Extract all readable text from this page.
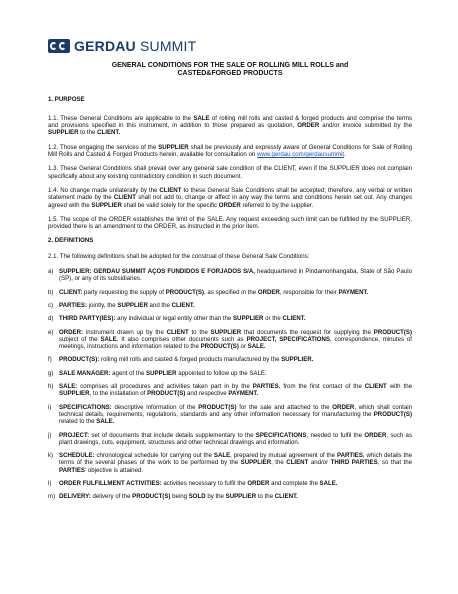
GERDAU SUMMIT
GENERAL CONDITIONS FOR THE SALE OF ROLLING MILL ROLLS and
CASTED&FORGED PRODUCTS
1. PURPOSE

1.1. These General Conditions are applicable to the SALE of rolling mill rolls and casted & forged products and comprise the terms and provisions specified in this instrument, in addition to those prepared as quotation, ORDER and/or invoice submitted by the SUPPLIER to the CLIENT.

1.2. Those engaging the services of the SUPPLIER shall be previously and expressly aware of General Conditions for Sale of Rolling Mill Rolls and Casted & Forged Products herein, available for consultation on www.gerdau.com/gerdausummit.

1.3. These General Conditions shall prevail over any general sale condition of the CLIENT, even if the SUPPLIER does not complain specifically about any existing contradictory condition in such document.

1.4. No change made unilaterally by the CLIENT to these General Sale Conditions shall be accepted; therefore, any verbal or written statement made by the CLIENT shall not add to, change or affect in any way the terms and conditions herein set out. Any changes agreed with the SUPPLIER shall be valid solely for the specific ORDER referred to by the supplier.

1.5. The scope of the ORDER establishes the limit of the SALE. Any request exceeding such limit can be fulfilled by the SUPPLIER, provided there is an amendment to the ORDER, as instructed in the prior item.

2. DEFINITIONS

2.1. The following definitions shall be adopted for the construal of these General Sale Conditions:

a) SUPPLIER: GERDAU SUMMIT AÇOS FUNDIDOS E FORJADOS S/A, headquartered in Pindamonhangaba, State of São Paulo (SP), or any of its subsidiaries.
b) CLIENT: party requesting the supply of PRODUCT(S), as specified in the ORDER, responsible for their PAYMENT.
c) PARTIES: jointly, the SUPPLIER and the CLIENT.
d) THIRD PARTY(IES): any individual or legal entity other than the SUPPLIER or the CLIENT.
e) ORDER: instrument drawn up by the CLIENT to the SUPPLIER that documents the request for supplying the PRODUCT(S) subject of the SALE. It also comprises other documents such as PROJECT, SPECIFICATIONS, correspondence, minutes of meetings, instructions and information related to the PRODUCT(S) or SALE.
f)	PRODUCT(S): rolling mill rolls and casted & forged products manufactured by the SUPPLIER.
g) SALE MANAGER: agent of the SUPPLIER appointed to follow up the SALE.
h) SALE: comprises all procedures and activities taken part in by the PARTIES, from the first contact of the CLIENT with the SUPPLIER, to the installation of PRODUCT(S) and respective PAYMENT.
i)	SPECIFICATIONS: descriptive information of the PRODUCT(S) for the sale and attached to the ORDER, which shall contain technical details, requirements, regulations, standards and any other information necessary for manufacturing the PRODUCT(S) related to the SALE.
j)	PROJECT: set of documents that include details supplementary to the SPECIFICATIONS, needed to fulfil the ORDER, such as plant drawings, cuts, equipment, structures and other technical drawings and information.
k) SCHEDULE: chronological schedule for carrying out the SALE, prepared by mutual agreement of the PARTIES, which details the terms of the several phases of the work to be performed by the SUPPLIER, the CLIENT and/or THIRD PARTIES, so that the PARTIES' objective is attained.
l)	ORDER FULFILLMENT ACTIVITIES: activities necessary to fulfil the ORDER and complete the SALE.
m) DELIVERY: delivery of the PRODUCT(S) being SOLD by the SUPPLIER to the CLIENT.
